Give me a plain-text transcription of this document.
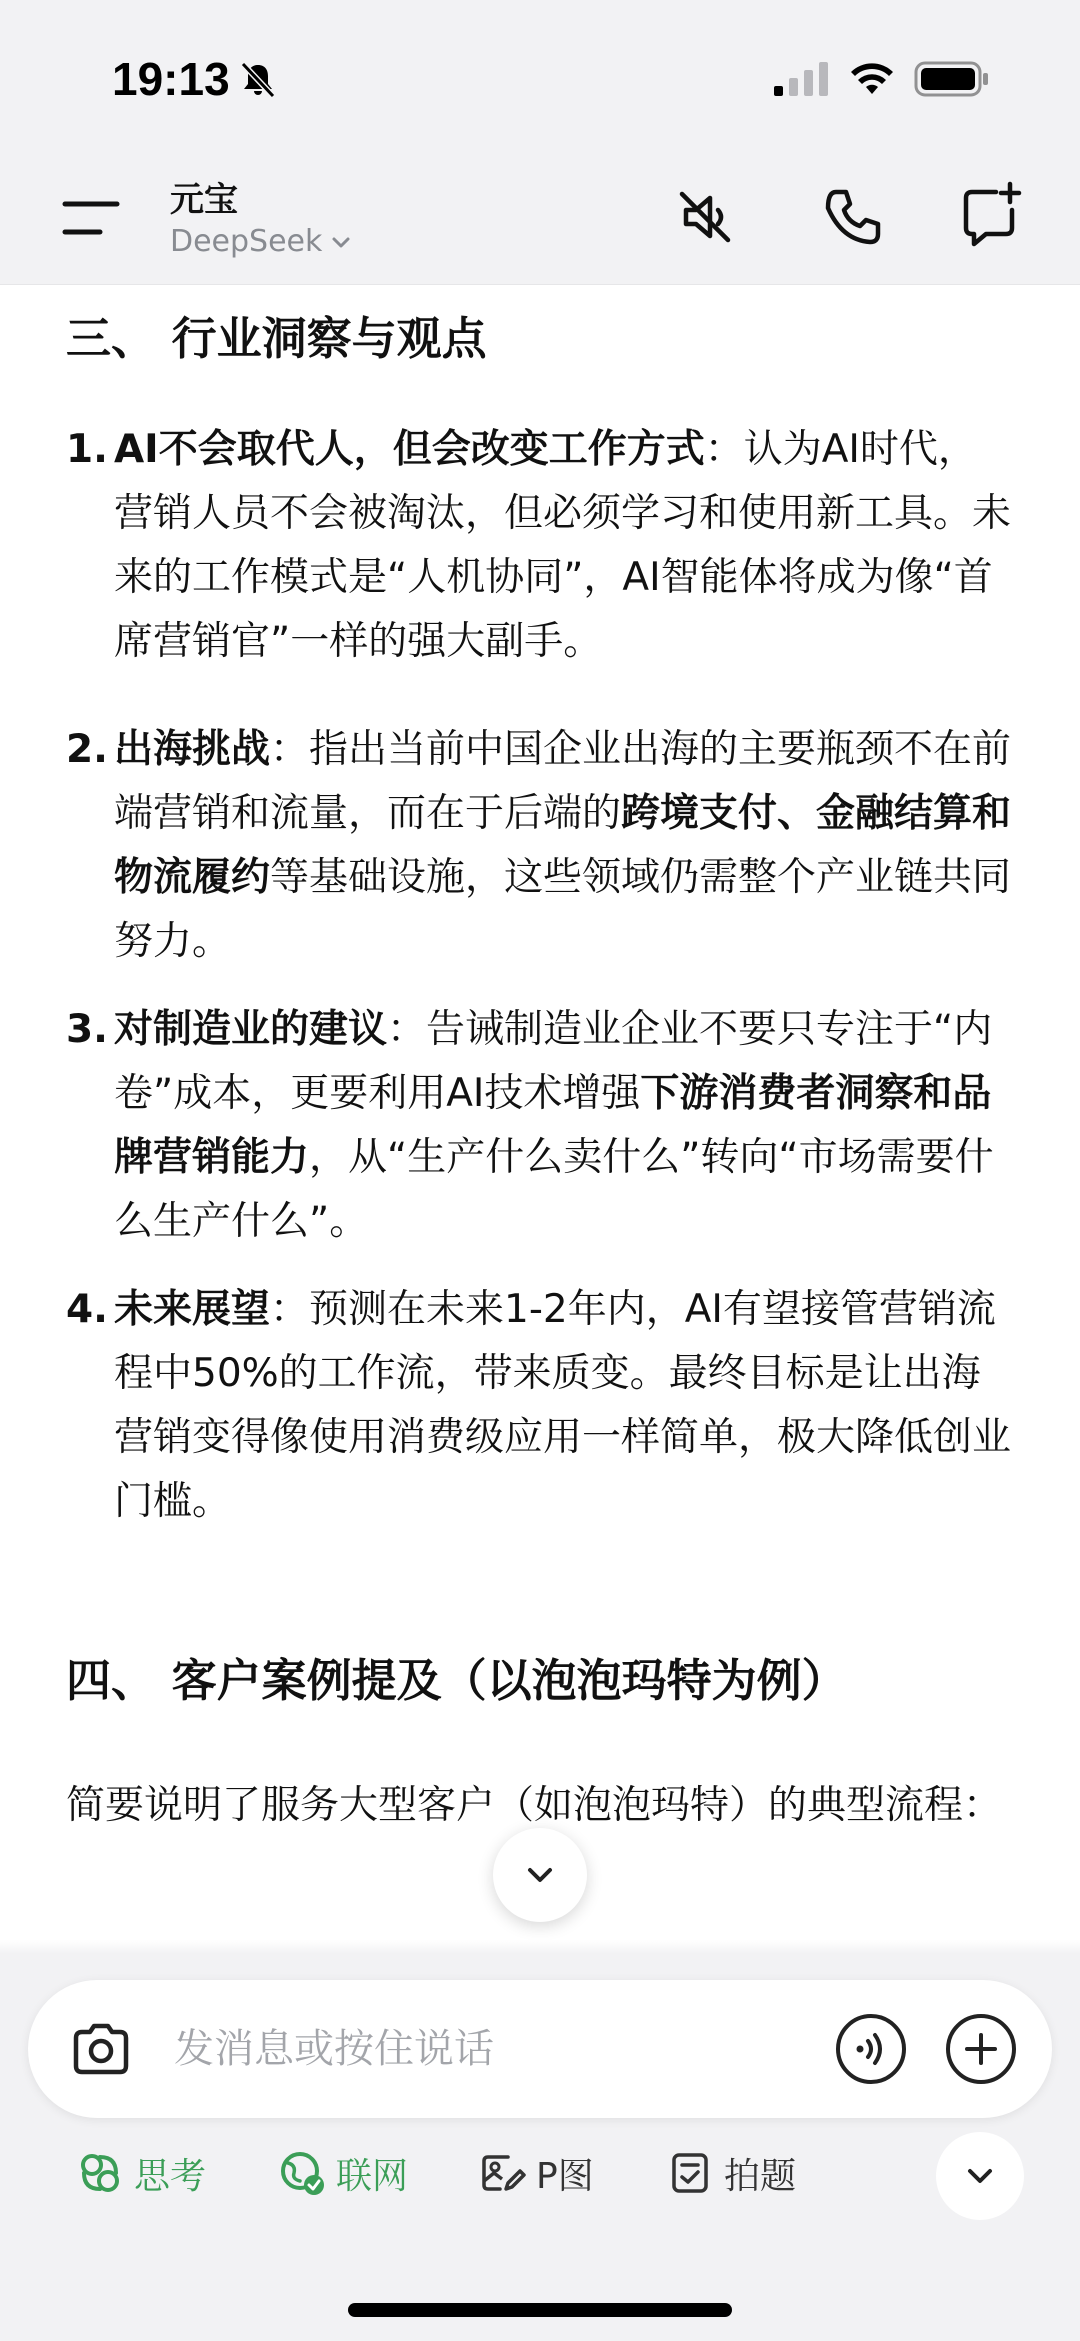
19:13
元宝
DeepSeek
三、 行业洞察与观点
1. AI不会取代人，但会改变工作方式：认为AI时代，营销人员不会被淘汰，但必须学习和使用新工具。未来的工作模式是“人机协同”，AI智能体将成为像“首席营销官”一样的强大副手。
2. 出海挑战：指出当前中国企业出海的主要瓶颈不在前端营销和流量，而在于后端的跨境支付、金融结算和物流履约等基础设施，这些领域仍需整个产业链共同努力。
3. 对制造业的建议：告诫制造业企业不要只专注于“内卷”成本，更要利用AI技术增强下游消费者洞察和品牌营销能力，从“生产什么卖什么”转向“市场需要什么生产什么”。
4. 未来展望：预测在未来1-2年内，AI有望接管营销流程中50%的工作流，带来质变。最终目标是让出海营销变得像使用消费级应用一样简单，极大降低创业门槛。
四、 客户案例提及（以泡泡玛特为例）
简要说明了服务大型客户（如泡泡玛特）的典型流程：
发消息或按住说话
思考	联网	P图	拍题
